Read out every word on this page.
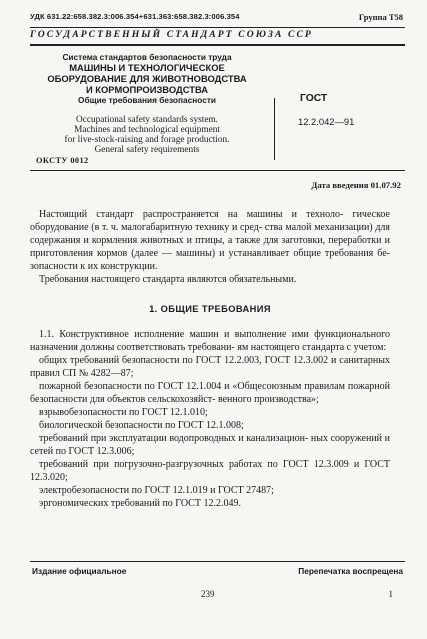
УДК 631.22:658.382.3:006.354+631.363:658.382.3:006.354	Группа Т58
ГОСУДАРСТВЕННЫЙ СТАНДАРТ СОЮЗА ССР
Система стандартов безопасности труда
МАШИНЫ И ТЕХНОЛОГИЧЕСКОЕ
ОБОРУДОВАНИЕ ДЛЯ ЖИВОТНОВОДСТВА
И КОРМОПРОИЗВОДСТВА
Общие требования безопасности
Occupational safety standards system.
Machines and technological equipment
for live-stock-raising and forage production.
General safety requirements
ГОСТ
12.2.042—91
ОКСТУ 0012
Дата введения 01.07.92

Настоящий стандарт распространяется на машины и техноло- гическое оборудование (в т. ч. малогабаритную технику и сред- ства малой механизации) для содержания и кормления животных и птицы, а также для заготовки, переработки и приготовления кормов (далее — машины) и устанавливает общие требования бе- зопасности к их конструкции.

Требования настоящего стандарта являются обязательными.

1. ОБЩИЕ ТРЕБОВАНИЯ

1.1. Конструктивное исполнение машин и выполнение ими функционального назначения должны соответствовать требовани- ям настоящего стандарта с учетом:

общих требований безопасности по ГОСТ 12.2.003, ГОСТ 12.3.002 и санитарных правил СП № 4282—87;

пожарной безопасности по ГОСТ 12.1.004 и «Общесоюзным правилам пожарной безопасности для объектов сельскохозяйст- венного производства»;

взрывобезопасности по ГОСТ 12.1.010;

биологической безопасности по ГОСТ 12.1.008;

требований при эксплуатации водопроводных и канализацион- ных сооружений и сетей по ГОСТ 12.3.006;

требований при погрузочно-разгрузочных работах по ГОСТ 12.3.009 и ГОСТ 12.3.020;

электробезопасности по ГОСТ 12.1.019 и ГОСТ 27487;

эргономических требований по ГОСТ 12.2.049.

Издание официальное	Перепечатка воспрещена
239	1
